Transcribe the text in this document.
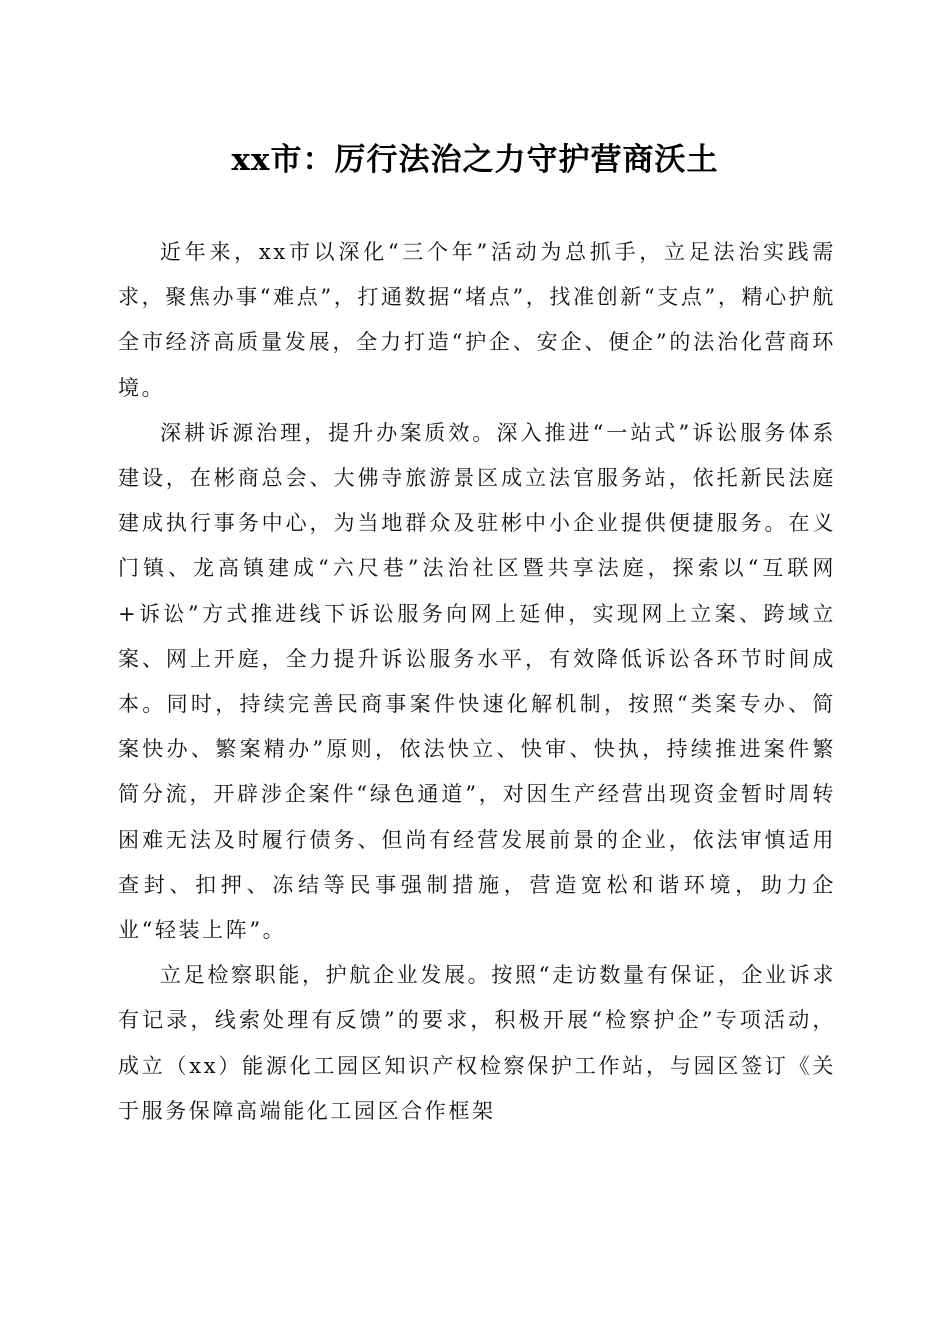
xx市：厉行法治之力守护营商沃土

近年来，xx市以深化“三个年”活动为总抓手，立足法治实践需求，聚焦办事“难点”，打通数据“堵点”，找准创新“支点”，精心护航全市经济高质量发展，全力打造“护企、安企、便企”的法治化营商环境。

深耕诉源治理，提升办案质效。深入推进“一站式”诉讼服务体系建设，在彬商总会、大佛寺旅游景区成立法官服务站，依托新民法庭建成执行事务中心，为当地群众及驻彬中小企业提供便捷服务。在义门镇、龙高镇建成“六尺巷”法治社区暨共享法庭，探索以“互联网+诉讼”方式推进线下诉讼服务向网上延伸，实现网上立案、跨域立案、网上开庭，全力提升诉讼服务水平，有效降低诉讼各环节时间成本。同时，持续完善民商事案件快速化解机制，按照“类案专办、简案快办、繁案精办”原则，依法快立、快审、快执，持续推进案件繁简分流，开辟涉企案件“绿色通道”，对因生产经营出现资金暂时周转困难无法及时履行债务、但尚有经营发展前景的企业，依法审慎适用查封、扣押、冻结等民事强制措施，营造宽松和谐环境，助力企业“轻装上阵”。

立足检察职能，护航企业发展。按照“走访数量有保证，企业诉求有记录，线索处理有反馈”的要求，积极开展“检察护企”专项活动，成立（xx）能源化工园区知识产权检察保护工作站，与园区签订《关于服务保障高端能化工园区合作框架
